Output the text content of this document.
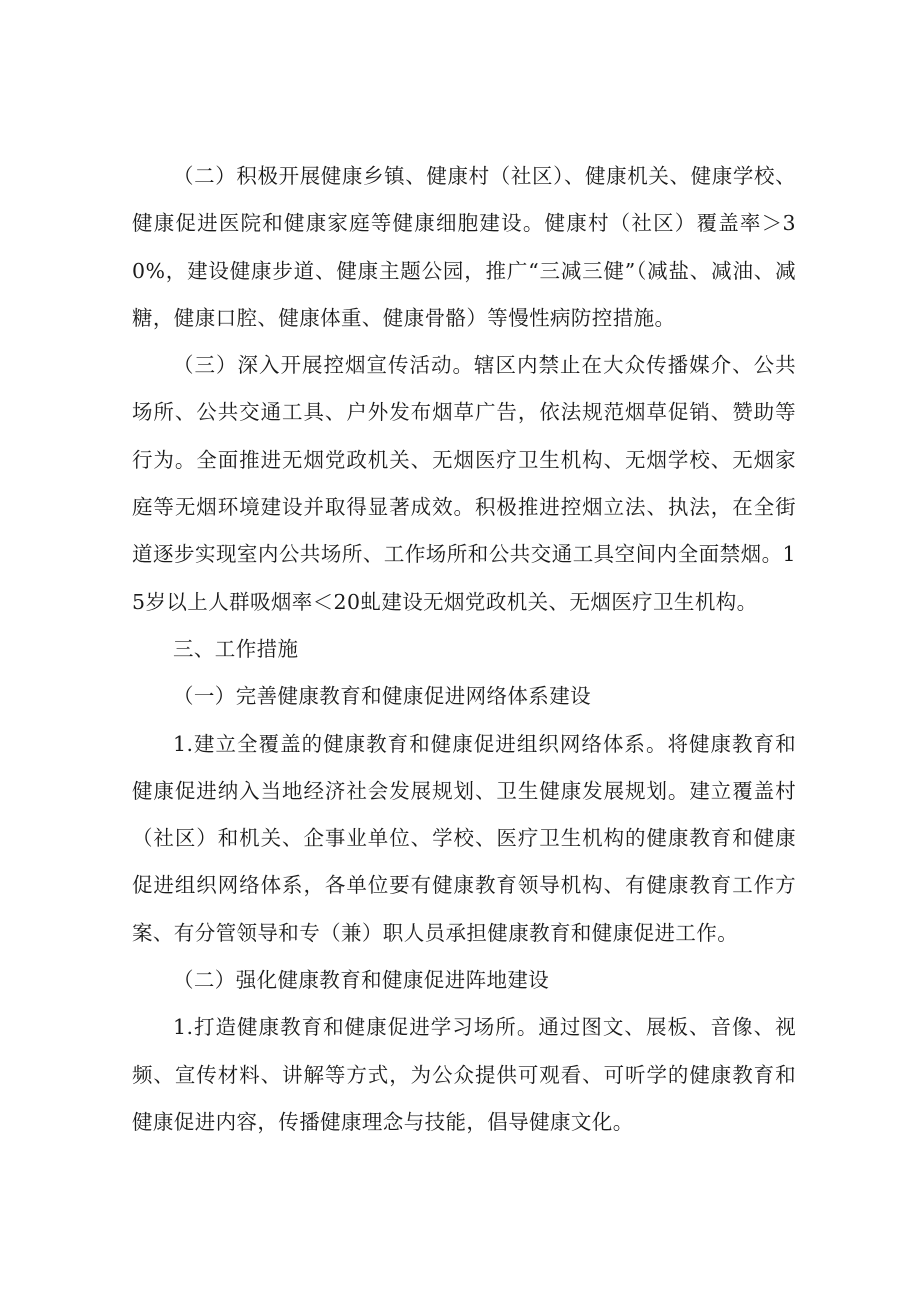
（二）积极开展健康乡镇、健康村（社区）、健康机关、健康学校、健康促进医院和健康家庭等健康细胞建设。健康村（社区）覆盖率＞30%，建设健康步道、健康主题公园，推广“三减三健”（减盐、减油、减糖，健康口腔、健康体重、健康骨骼）等慢性病防控措施。

（三）深入开展控烟宣传活动。辖区内禁止在大众传播媒介、公共场所、公共交通工具、户外发布烟草广告，依法规范烟草促销、赞助等行为。全面推进无烟党政机关、无烟医疗卫生机构、无烟学校、无烟家庭等无烟环境建设并取得显著成效。积极推进控烟立法、执法，在全街道逐步实现室内公共场所、工作场所和公共交通工具空间内全面禁烟。15岁以上人群吸烟率＜20虬建设无烟党政机关、无烟医疗卫生机构。

三、工作措施

（一）完善健康教育和健康促进网络体系建设

1.建立全覆盖的健康教育和健康促进组织网络体系。将健康教育和健康促进纳入当地经济社会发展规划、卫生健康发展规划。建立覆盖村（社区）和机关、企事业单位、学校、医疗卫生机构的健康教育和健康促进组织网络体系，各单位要有健康教育领导机构、有健康教育工作方案、有分管领导和专（兼）职人员承担健康教育和健康促进工作。

（二）强化健康教育和健康促进阵地建设

1.打造健康教育和健康促进学习场所。通过图文、展板、音像、视频、宣传材料、讲解等方式，为公众提供可观看、可听学的健康教育和健康促进内容，传播健康理念与技能，倡导健康文化。
